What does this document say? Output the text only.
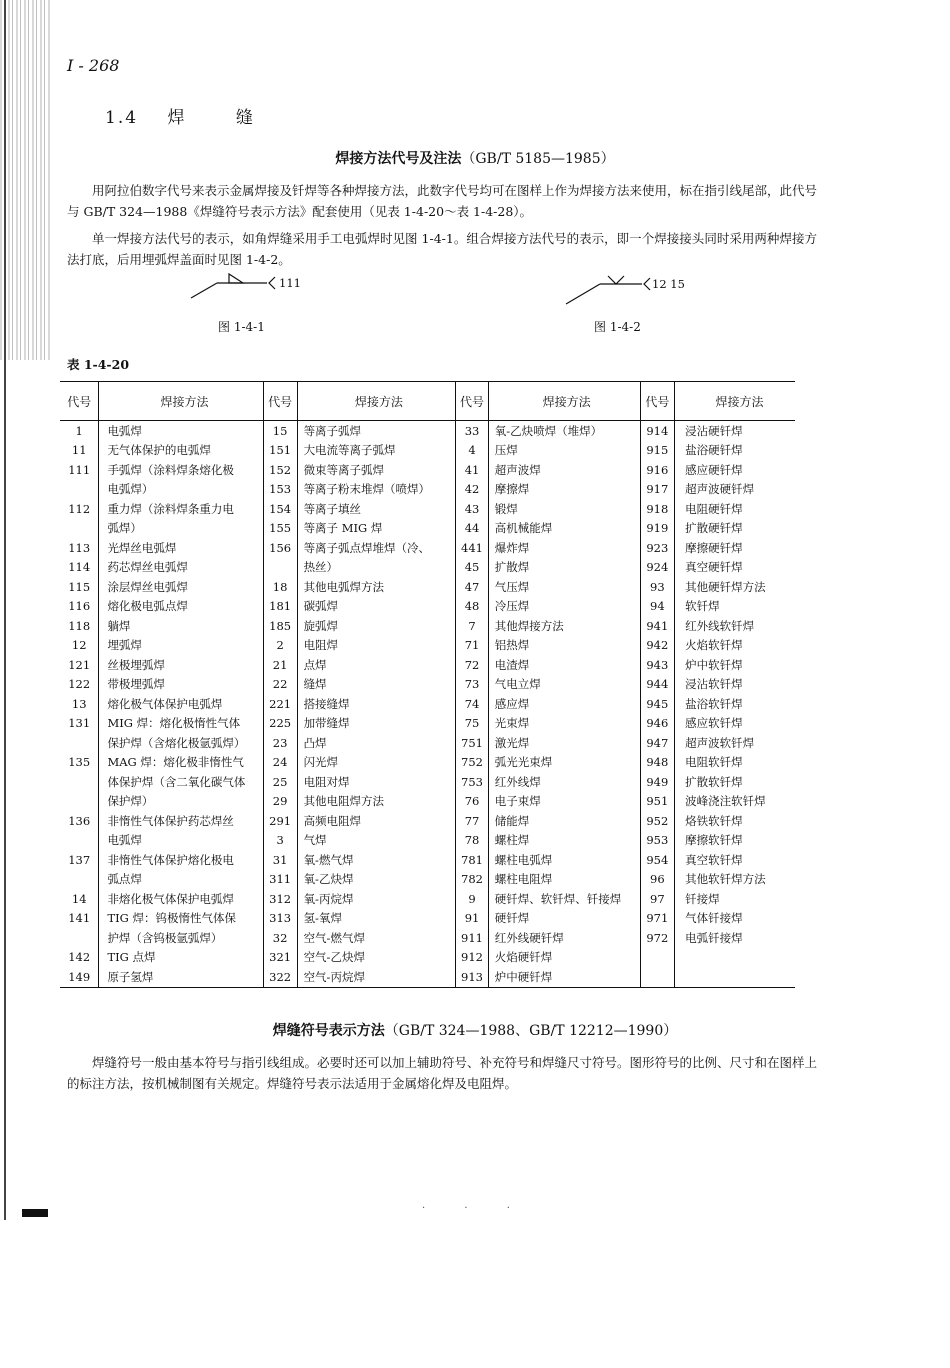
I - 268
1.4 焊	缝
焊接方法代号及注法（GB/T 5185—1985）
用阿拉伯数字代号来表示金属焊接及钎焊等各种焊接方法，此数字代号均可在图样上作为焊接方法来使用，标在指引线尾部，此代号与 GB/T 324—1988《焊缝符号表示方法》配套使用（见表 1-4-20～表 1-4-28）。
单一焊接方法代号的表示，如角焊缝采用手工电弧焊时见图 1-4-1。组合焊接方法代号的表示，即一个焊接接头同时采用两种焊接方法打底，后用埋弧焊盖面时见图 1-4-2。
111
图 1-4-1
12 15
图 1-4-2
表 1-4-20
代号	焊接方法	代号	焊接方法	代号	焊接方法	代号	焊接方法
1	电弧焊	15	等离子弧焊	33	氧-乙炔喷焊（堆焊）	914	浸沾硬钎焊
11	无气体保护的电弧焊	151	大电流等离子弧焊	4	压焊	915	盐浴硬钎焊
111	手弧焊（涂料焊条熔化极	152	微束等离子弧焊	41	超声波焊	916	感应硬钎焊
	电弧焊）	153	等离子粉末堆焊（喷焊）	42	摩擦焊	917	超声波硬钎焊
112	重力焊（涂料焊条重力电	154	等离子填丝	43	锻焊	918	电阻硬钎焊
	弧焊）	155	等离子 MIG 焊	44	高机械能焊	919	扩散硬钎焊
113	光焊丝电弧焊	156	等离子弧点焊堆焊（冷、	441	爆炸焊	923	摩擦硬钎焊
114	药芯焊丝电弧焊		热丝）	45	扩散焊	924	真空硬钎焊
115	涂层焊丝电弧焊	18	其他电弧焊方法	47	气压焊	93	其他硬钎焊方法
116	熔化极电弧点焊	181	碳弧焊	48	冷压焊	94	软钎焊
118	躺焊	185	旋弧焊	7	其他焊接方法	941	红外线软钎焊
12	埋弧焊	2	电阻焊	71	铝热焊	942	火焰软钎焊
121	丝极埋弧焊	21	点焊	72	电渣焊	943	炉中软钎焊
122	带极埋弧焊	22	缝焊	73	气电立焊	944	浸沾软钎焊
13	熔化极气体保护电弧焊	221	搭接缝焊	74	感应焊	945	盐浴软钎焊
131	MIG 焊：熔化极惰性气体	225	加带缝焊	75	光束焊	946	感应软钎焊
	保护焊（含熔化极氩弧焊）	23	凸焊	751	激光焊	947	超声波软钎焊
135	MAG 焊：熔化极非惰性气	24	闪光焊	752	弧光光束焊	948	电阻软钎焊
	体保护焊（含二氧化碳气体	25	电阻对焊	753	红外线焊	949	扩散软钎焊
	保护焊）	29	其他电阻焊方法	76	电子束焊	951	波峰浇注软钎焊
136	非惰性气体保护药芯焊丝	291	高频电阻焊	77	储能焊	952	烙铁软钎焊
	电弧焊	3	气焊	78	螺柱焊	953	摩擦软钎焊
137	非惰性气体保护熔化极电	31	氧-燃气焊	781	螺柱电弧焊	954	真空软钎焊
	弧点焊	311	氧-乙炔焊	782	螺柱电阻焊	96	其他软钎焊方法
14	非熔化极气体保护电弧焊	312	氧-丙烷焊	9	硬钎焊、软钎焊、钎接焊	97	钎接焊
141	TIG 焊：钨极惰性气体保	313	氢-氧焊	91	硬钎焊	971	气体钎接焊
	护焊（含钨极氩弧焊）	32	空气-燃气焊	911	红外线硬钎焊	972	电弧钎接焊
142	TIG 点焊	321	空气-乙炔焊	912	火焰硬钎焊		
149	原子氢焊	322	空气-丙烷焊	913	炉中硬钎焊		
焊缝符号表示方法（GB/T 324—1988、GB/T 12212—1990）
焊缝符号一般由基本符号与指引线组成。必要时还可以加上辅助符号、补充符号和焊缝尺寸符号。图形符号的比例、尺寸和在图样上的标注方法，按机械制图有关规定。焊缝符号表示法适用于金属熔化焊及电阻焊。
· · ·
